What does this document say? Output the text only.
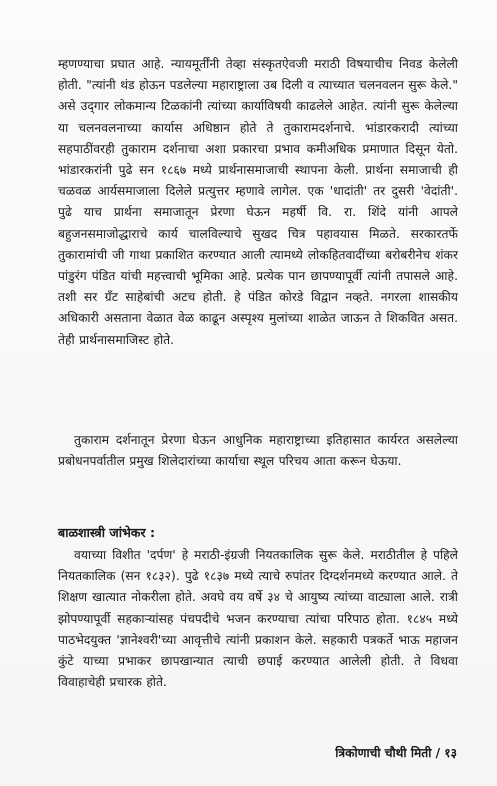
म्हणण्याचा प्रघात आहे. न्यायमूर्तींनी तेव्हा संस्कृतऐवजी मराठी विषयाचीच निवड केलेली होती. "त्यांनी थंड होऊन पडलेल्या महाराष्ट्राला उब दिली व त्याच्यात चलनवलन सुरू केले." असे उद्‌गार लोकमान्य टिळकांनी त्यांच्या कार्याविषयी काढलेले आहेत. त्यांनी सुरू केलेल्या या चलनवलनाच्या कार्यास अधिष्ठान होते ते तुकारामदर्शनाचे. भांडारकरादी त्यांच्या सहपाठींवरही तुकाराम दर्शनाचा अशा प्रकारचा प्रभाव कमीअधिक प्रमाणात दिसून येतो. भांडारकरांनी पुढे सन १८६७ मध्ये प्रार्थनासमाजाची स्थापना केली. प्रार्थना समाजाची ही चळवळ आर्यसमाजाला दिलेले प्रत्युत्तर म्हणावे लागेल. एक 'धादांती' तर दुसरी 'वेदांती'. पुढे याच प्रार्थना समाजातून प्रेरणा घेऊन महर्षी वि. रा. शिंदे यांनी आपले बहुजनसमाजोद्धाराचे कार्य चालविल्याचे सुखद चित्र पहावयास मिळते. सरकारतर्फे तुकारामांची जी गाथा प्रकाशित करण्यात आली त्यामध्ये लोकहितवादींच्या बरोबरीनेच शंकर पांडुरंग पंडित यांची महत्त्वाची भूमिका आहे. प्रत्येक पान छापण्यापूर्वी त्यांनी तपासले आहे. तशी सर ग्रँट साहेबांची अटच होती. हे पंडित कोरडे विद्वान नव्हते. नगरला शासकीय अधिकारी असताना वेळात वेळ काढून अस्पृश्य मुलांच्या शाळेत जाऊन ते शिकवित असत. तेही प्रार्थनासमाजिस्ट होते.

तुकाराम दर्शनातून प्रेरणा घेऊन आधुनिक महाराष्ट्राच्या इतिहासात कार्यरत असलेल्या प्रबोधनपर्वातील प्रमुख शिलेदारांच्या कार्याचा स्थूल परिचय आता करून घेऊया.

बाळशास्त्री जांभेकर :

वयाच्या विशीत 'दर्पण' हे मराठी-इंग्रजी नियतकालिक सुरू केले. मराठीतील हे पहिले नियतकालिक (सन १८३२). पुढे १८३७ मध्ये त्याचे रुपांतर दिग्दर्शनमध्ये करण्यात आले. ते शिक्षण खात्यात नोकरीला होते. अवघे वय वर्षे ३४ चे आयुष्य त्यांच्या वाट्याला आले. रात्री झोपण्यापूर्वी सहकाऱ्यांसह पंचपदीचे भजन करण्याचा त्यांचा परिपाठ होता. १८४५ मध्ये पाठभेदयुक्त 'ज्ञानेश्वरी'च्या आवृत्तीचे त्यांनी प्रकाशन केले. सहकारी पत्रकर्ते भाऊ महाजन कुंटे याच्या प्रभाकर छापखान्यात त्याची छपाई करण्यात आलेली होती. ते विधवा विवाहाचेही प्रचारक होते.

त्रिकोणाची चौथी मिती / १३
